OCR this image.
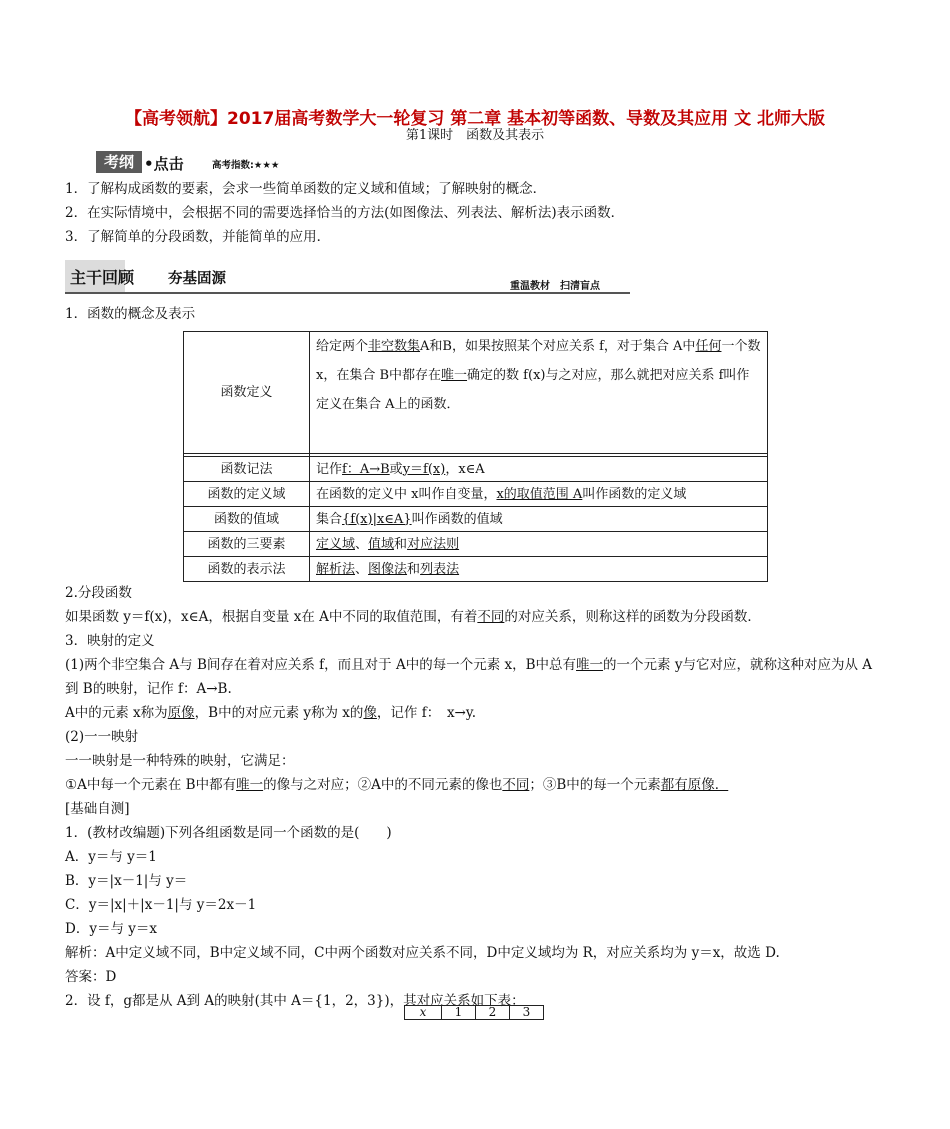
【高考领航】2017届高考数学大一轮复习 第二章 基本初等函数、导数及其应用 文 北师大版
第1课时　函数及其表示
考纲 •点击	高考指数:★★★
1．了解构成函数的要素，会求一些简单函数的定义域和值域；了解映射的概念．
2．在实际情境中，会根据不同的需要选择恰当的方法(如图像法、列表法、解析法)表示函数．
3．了解简单的分段函数，并能简单的应用．
主干回顾 夯基固源	重温教材　扫清盲点
1．函数的概念及表示
函数定义	给定两个非空数集A和B，如果按照某个对应关系 f，对于集合 A中任何一个数 x，在集合 B中都存在唯一确定的数 f(x)与之对应，那么就把对应关系 f叫作定义在集合 A上的函数．

函数记法	记作f：A→B或y＝f(x)，x∈A
函数的定义域	在函数的定义中 x叫作自变量，x的取值范围 A叫作函数的定义域
函数的值域	集合{f(x)|x∈A}叫作函数的值域
函数的三要素	定义域、值域和对应法则
函数的表示法	解析法、图像法和列表法
2.分段函数
如果函数 y＝f(x)，x∈A，根据自变量 x在 A中不同的取值范围，有着不同的对应关系，则称这样的函数为分段函数．
3．映射的定义
(1)两个非空集合 A与 B间存在着对应关系 f，而且对于 A中的每一个元素 x，B中总有唯一的一个元素 y与它对应，就称这种对应为从 A
到 B的映射，记作 f：A→B.
A中的元素 x称为原像，B中的对应元素 y称为 x的像，记作 f：　x→y.
(2)一一映射
一一映射是一种特殊的映射，它满足：
①A中每一个元素在 B中都有唯一的像与之对应；②A中的不同元素的像也不同；③B中的每一个元素都有原像．
[基础自测]
1．(教材改编题)下列各组函数是同一个函数的是(　　)
A．y＝与 y＝1
B．y＝|x－1|与 y＝
C．y＝|x|＋|x－1|与 y＝2x－1
D．y＝与 y＝x
解析：A中定义域不同，B中定义域不同，C中两个函数对应关系不同，D中定义域均为 R，对应关系均为 y＝x，故选 D.
答案：D
2．设 f，g都是从 A到 A的映射(其中 A＝{1，2，3})，其对应关系如下表：
x	1	2	3
